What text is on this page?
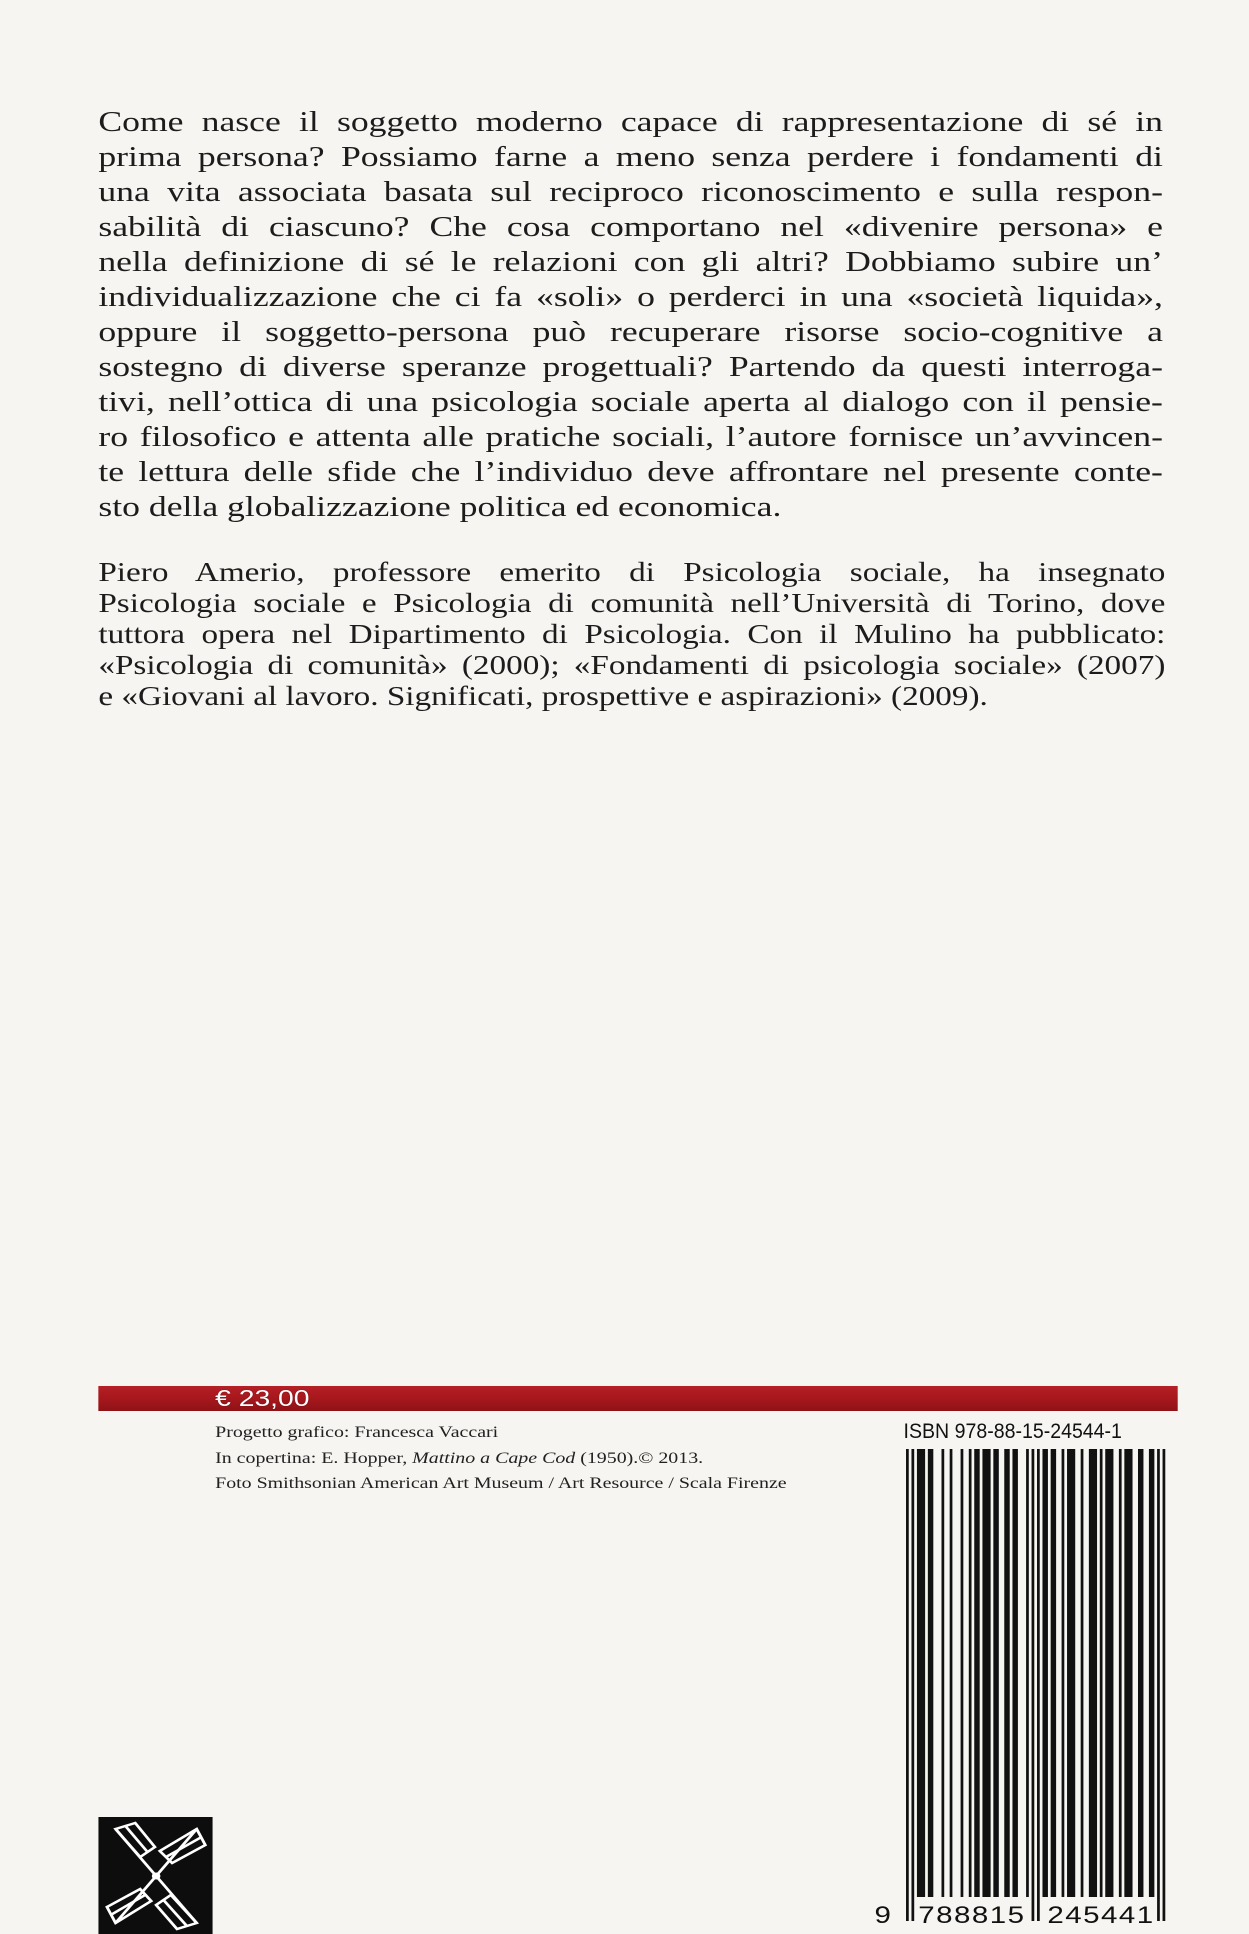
Come nasce il soggetto moderno capace di rappresentazione di sé in
prima persona? Possiamo farne a meno senza perdere i fondamenti di
una vita associata basata sul reciproco riconoscimento e sulla respon-
sabilità di ciascuno? Che cosa comportano nel «divenire persona» e
nella definizione di sé le relazioni con gli altri? Dobbiamo subire un’
individualizzazione che ci fa «soli» o perderci in una «società liquida»,
oppure il soggetto-persona può recuperare risorse socio-cognitive a
sostegno di diverse speranze progettuali? Partendo da questi interroga-
tivi, nell’ottica di una psicologia sociale aperta al dialogo con il pensie-
ro filosofico e attenta alle pratiche sociali, l’autore fornisce un’avvincen-
te lettura delle sfide che l’individuo deve affrontare nel presente conte-
sto della globalizzazione politica ed economica.
Piero Amerio, professore emerito di Psicologia sociale, ha insegnato
Psicologia sociale e Psicologia di comunità nell’Università di Torino, dove
tuttora opera nel Dipartimento di Psicologia. Con il Mulino ha pubblicato:
«Psicologia di comunità» (2000); «Fondamenti di psicologia sociale» (2007)
e «Giovani al lavoro. Significati, prospettive e aspirazioni» (2009).
€ 23,00
Progetto grafico: Francesca Vaccari
In copertina: E. Hopper, Mattino a Cape Cod (1950).© 2013.
Foto Smithsonian American Art Museum / Art Resource / Scala Firenze
ISBN 978-88-15-24544-1
9 788815 245441
